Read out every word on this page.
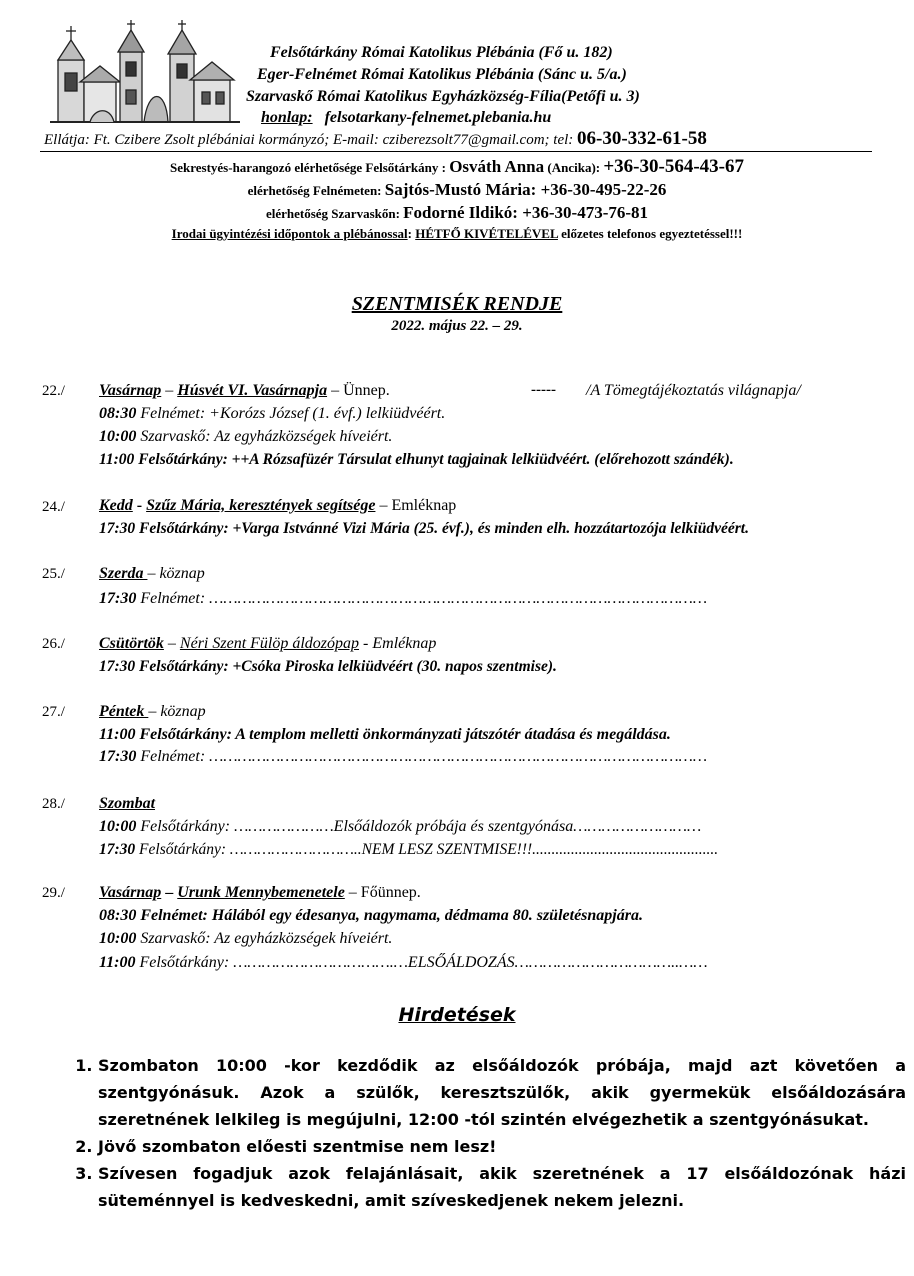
Felsőtárkány Római Katolikus Plébánia (Fő u. 182)
Eger-Felnémet Római Katolikus Plébánia (Sánc u. 5/a.)
Szarvaskő Római Katolikus Egyházközség-Fília(Petőfi u. 3)
honlap: felsotarkany-felnemet.plebania.hu
Ellátja: Ft. Czibere Zsolt plébániai kormányzó; E-mail: cziberezsolt77@gmail.com; tel: 06-30-332-61-58
Sekrestyés-harangozó elérhetősége Felsőtárkány : Osváth Anna (Ancika): +36-30-564-43-67
elérhetőség Felnémeten: Sajtós-Mustó Mária: +36-30-495-22-26
elérhetőség Szarvaskőn: Fodorné Ildikó: +36-30-473-76-81
Irodai ügyintézési időpontok a plébánossal: HÉTFŐ KIVÉTELÉVEL előzetes telefonos egyeztetéssel!!!
SZENTMISÉK RENDJE
2022. május 22. – 29.
22./ Vasárnap – Húsvét VI. Vasárnapja – Ünnep.	----- /A Tömegtájékoztatás világnapja/
08:30 Felnémet: +Korózs József (1. évf.) lelkiüdvéért.
10:00 Szarvaskő: Az egyházközségek híveiért.
11:00 Felsőtárkány: ++A Rózsafüzér Társulat elhunyt tagjainak lelkiüdvéért. (előrehozott szándék).
24./ Kedd - Szűz Mária, keresztények segítsége – Emléknap
17:30 Felsőtárkány: +Varga Istvánné Vizi Mária (25. évf.), és minden elh. hozzátartozója lelkiüdvéért.
25./ Szerda – köznap
17:30 Felnémet: ……………………………………………………………………………………………
26./ Csütörtök – Néri Szent Fülöp áldozópap - Emléknap
17:30 Felsőtárkány: +Csóka Piroska lelkiüdvéért (30. napos szentmise).
27./ Péntek – köznap
11:00 Felsőtárkány: A templom melletti önkormányzati játszótér átadása és megáldása.
17:30 Felnémet: ……………………………………………………………………………………………
28./ Szombat
10:00 Felsőtárkány: …………………Elsőáldozók próbája és szentgyónása………………………
17:30 Felsőtárkány: ………………………..NEM LESZ SZENTMISE!!!................................................
29./ Vasárnap – Urunk Mennybemenetele – Főünnep.
08:30 Felnémet: Hálából egy édesanya, nagymama, dédmama 80. születésnapjára.
10:00 Szarvaskő: Az egyházközségek híveiért.
11:00 Felsőtárkány: …………………………….…ELSŐÁLDOZÁS……………………………..……
Hirdetések
1. Szombaton 10:00 -kor kezdődik az elsőáldozók próbája, majd azt követően a szentgyónásuk. Azok a szülők, keresztszülők, akik gyermekük elsőáldozására szeretnének lelkileg is megújulni, 12:00 -tól szintén elvégezhetik a szentgyónásukat.
2. Jövő szombaton előesti szentmise nem lesz!
3. Szívesen fogadjuk azok felajánlásait, akik szeretnének a 17 elsőáldozónak házi süteménnyel is kedveskedni, amit szíveskedjenek nekem jelezni.
